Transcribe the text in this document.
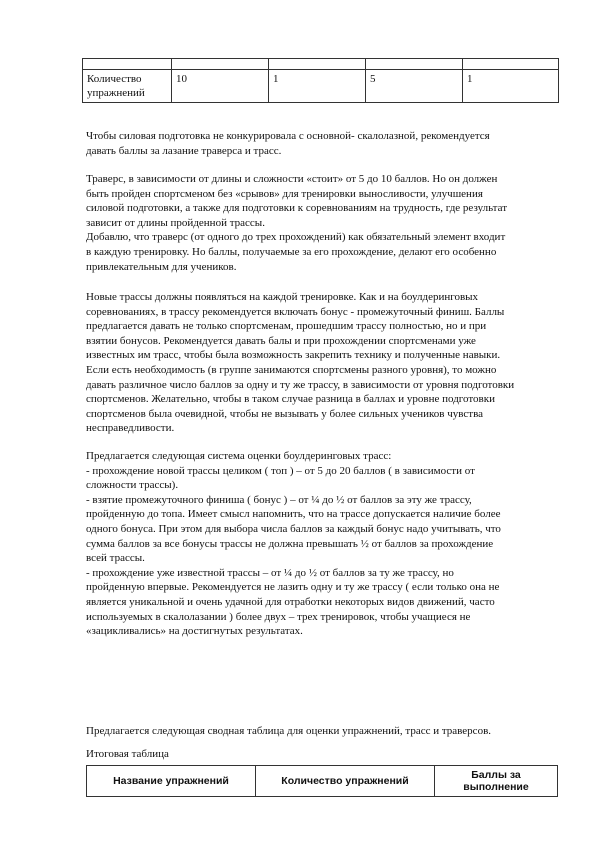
Количество упражнений	10	1	5	1

Чтобы силовая подготовка не конкурировала с основной- скалолазной, рекомендуется
давать баллы за лазание траверса и трасс.

Траверс, в зависимости от длины и сложности «стоит» от 5 до 10 баллов. Но он должен
быть пройден спортсменом без «срывов» для тренировки выносливости, улучшения
силовой подготовки, а также для подготовки к соревнованиям на трудность, где результат
зависит от длины пройденной трассы.
Добавлю, что траверс (от одного до трех прохождений) как обязательный элемент входит
в каждую тренировку. Но баллы, получаемые за его прохождение, делают его особенно
привлекательным для учеников.

Новые трассы должны появляться на каждой тренировке. Как и на боулдеринговых
соревнованиях, в трассу рекомендуется включать бонус - промежуточный финиш. Баллы
предлагается давать не только спортсменам, прошедшим трассу полностью, но и при
взятии бонусов. Рекомендуется давать балы и при прохождении спортсменами уже
известных им трасс, чтобы была возможность закрепить технику и полученные навыки.
Если есть необходимость (в группе занимаются спортсмены разного уровня), то можно
давать различное число баллов за одну и ту же трассу, в зависимости от уровня подготовки
спортсменов. Желательно, чтобы в таком случае разница в баллах и уровне подготовки
спортсменов была очевидной, чтобы не вызывать у более сильных учеников чувства
несправедливости.

Предлагается следующая система оценки боулдеринговых трасс:
- прохождение новой трассы целиком ( топ ) – от 5 до 20 баллов ( в зависимости от
сложности трассы).
- взятие промежуточного финиша ( бонус ) – от ¼ до ½ от баллов за эту же трассу,
пройденную до топа. Имеет смысл напомнить, что на трассе допускается наличие более
одного бонуса. При этом для выбора числа баллов за каждый бонус надо учитывать, что
сумма баллов за все бонусы трассы не должна превышать ½ от баллов за прохождение
всей трассы.
- прохождение уже известной трассы – от ¼ до ½ от баллов за ту же трассу, но
пройденную впервые. Рекомендуется не лазить одну и ту же трассу ( если только она не
является уникальной и очень удачной для отработки некоторых видов движений, часто
используемых в скалолазании ) более двух – трех тренировок, чтобы учащиеся не
«зацикливались» на достигнутых результатах.

Предлагается следующая сводная таблица для оценки упражнений, трасс и траверсов.

Итоговая таблица

Название упражнений	Количество упражнений	Баллы за выполнение
